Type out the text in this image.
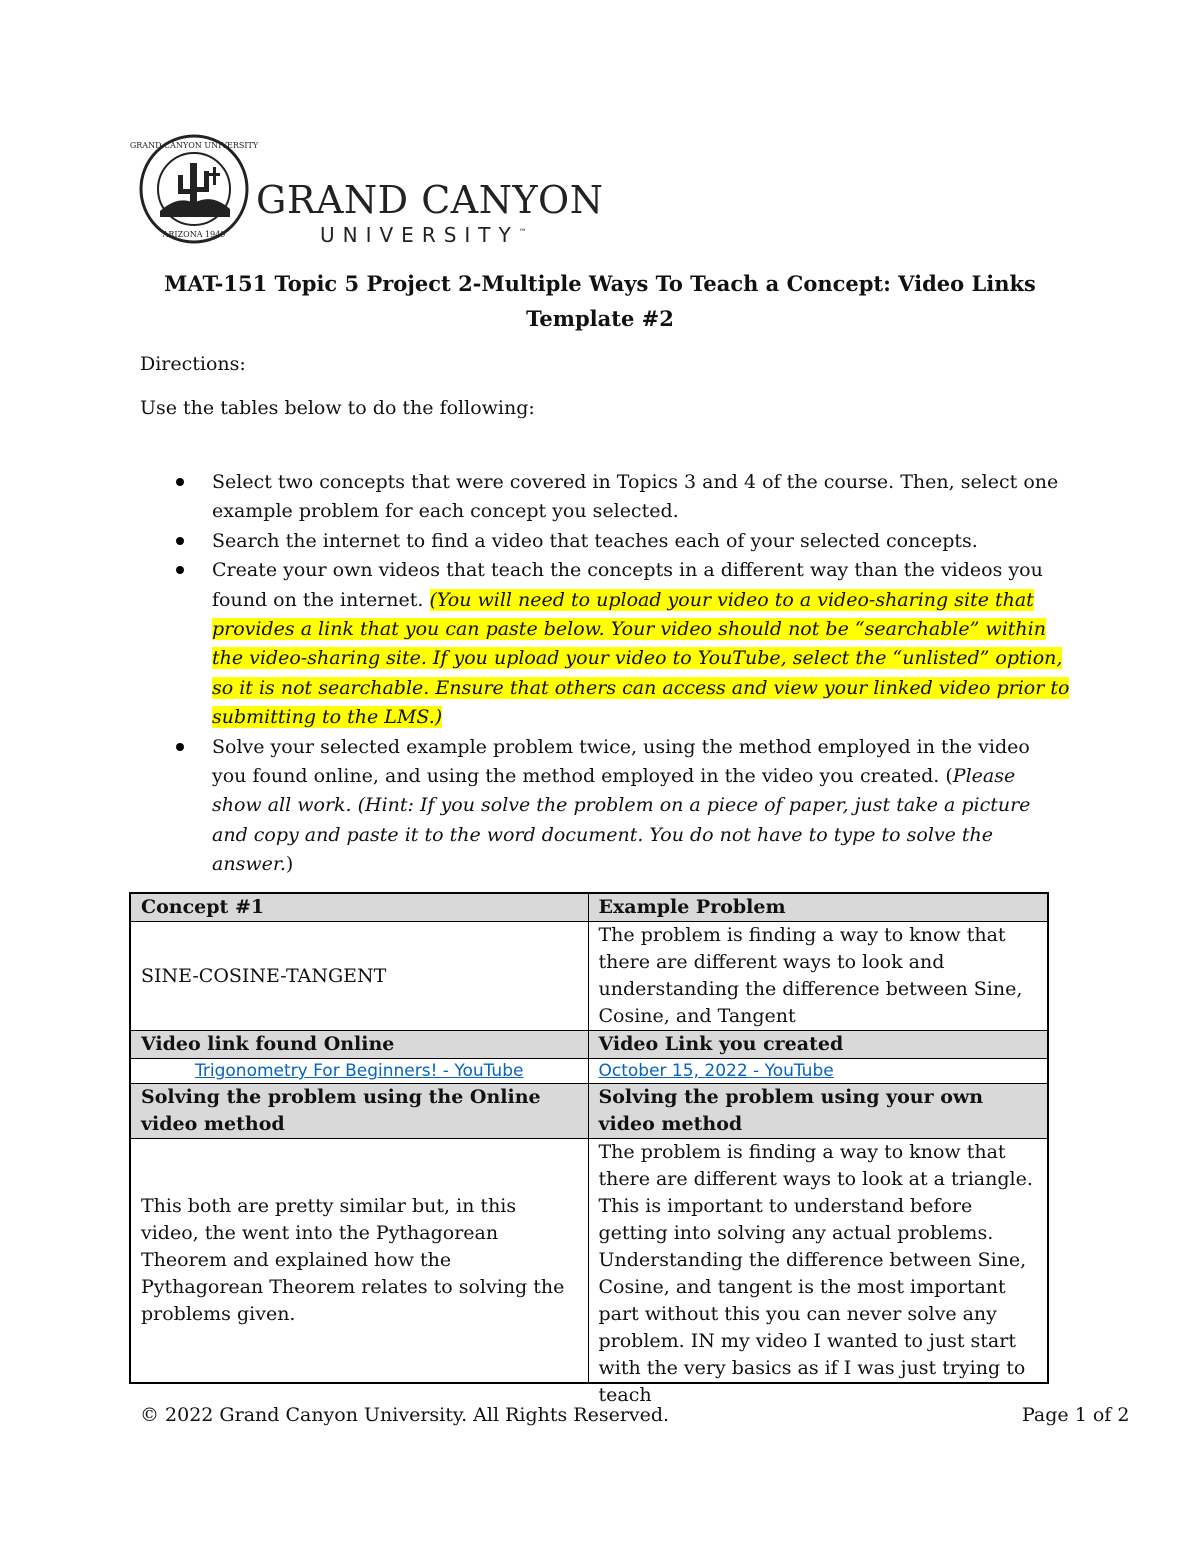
GRAND CANYON UNIVERSITY
ARIZONA 1949
GRAND CANYON
UNIVERSITY™
MAT-151 Topic 5 Project 2-Multiple Ways To Teach a Concept: Video Links
Template #2
Directions:
Use the tables below to do the following:
Select two concepts that were covered in Topics 3 and 4 of the course. Then, select one example problem for each concept you selected.
Search the internet to find a video that teaches each of your selected concepts.
Create your own videos that teach the concepts in a different way than the videos you found on the internet. (You will need to upload your video to a video-sharing site that provides a link that you can paste below. Your video should not be “searchable” within the video-sharing site. If you upload your video to YouTube, select the “unlisted” option, so it is not searchable. Ensure that others can access and view your linked video prior to submitting to the LMS.)
Solve your selected example problem twice, using the method employed in the video you found online, and using the method employed in the video you created. (Please show all work. (Hint: If you solve the problem on a piece of paper, just take a picture and copy and paste it to the word document. You do not have to type to solve the answer.)
Concept #1	Example Problem
SINE-COSINE-TANGENT	The problem is finding a way to know that there are different ways to look and understanding the difference between Sine, Cosine, and Tangent
Video link found Online	Video Link you created
Trigonometry For Beginners! - YouTube	October 15, 2022 - YouTube
Solving the problem using the Online video method	Solving the problem using your own video method

This both are pretty similar but, in this video, the went into the Pythagorean Theorem and explained how the Pythagorean Theorem relates to solving the problems given.	The problem is finding a way to know that there are different ways to look at a triangle. This is important to understand before getting into solving any actual problems. Understanding the difference between Sine, Cosine, and tangent is the most important part without this you can never solve any problem. IN my video I wanted to just start with the very basics as if I was just trying to teach
© 2022 Grand Canyon University. All Rights Reserved.	Page 1 of 2
